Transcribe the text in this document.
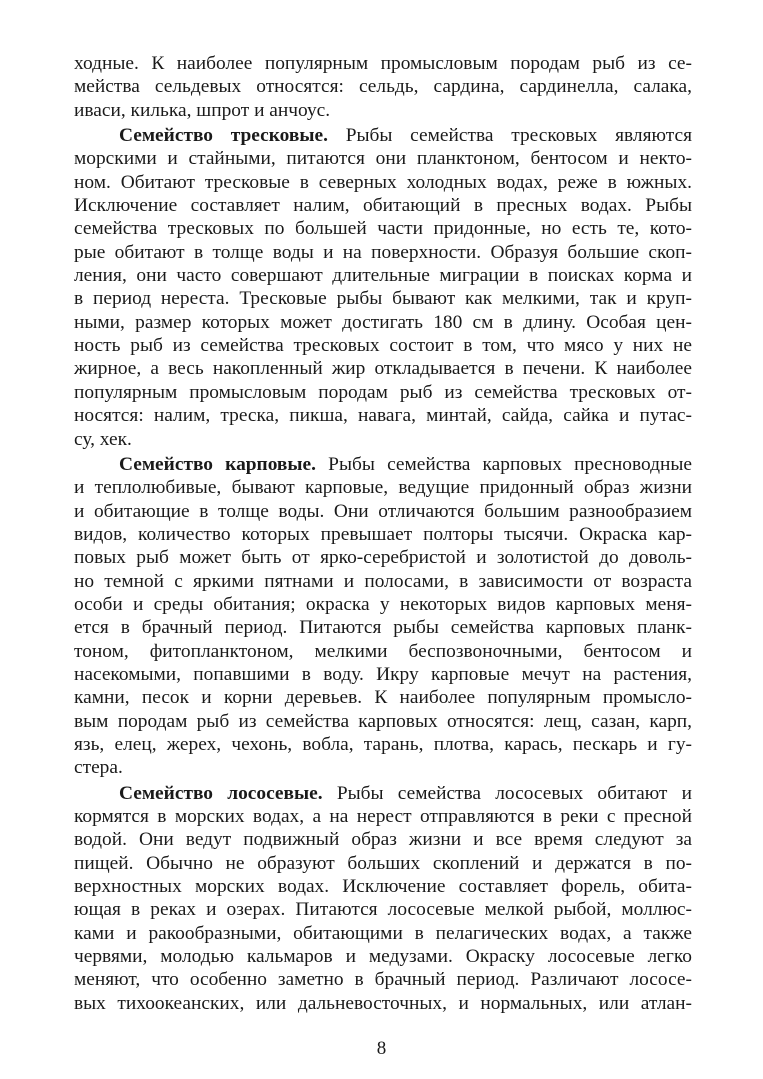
ходные. К наиболее популярным промысловым породам рыб из се-
мейства сельдевых относятся: сельдь, сардина, сардинелла, салака,
иваси, килька, шпрот и анчоус.
Семейство тресковые. Рыбы семейства тресковых являются
морскими и стайными, питаются они планктоном, бентосом и некто-
ном. Обитают тресковые в северных холодных водах, реже в южных.
Исключение составляет налим, обитающий в пресных водах. Рыбы
семейства тресковых по большей части придонные, но есть те, кото-
рые обитают в толще воды и на поверхности. Образуя большие скоп-
ления, они часто совершают длительные миграции в поисках корма и
в период нереста. Тресковые рыбы бывают как мелкими, так и круп-
ными, размер которых может достигать 180 см в длину. Особая цен-
ность рыб из семейства тресковых состоит в том, что мясо у них не
жирное, а весь накопленный жир откладывается в печени. К наиболее
популярным промысловым породам рыб из семейства тресковых от-
носятся: налим, треска, пикша, навага, минтай, сайда, сайка и путас-
су, хек.
Семейство карповые. Рыбы семейства карповых пресноводные
и теплолюбивые, бывают карповые, ведущие придонный образ жизни
и обитающие в толще воды. Они отличаются большим разнообразием
видов, количество которых превышает полторы тысячи. Окраска кар-
повых рыб может быть от ярко-серебристой и золотистой до доволь-
но темной с яркими пятнами и полосами, в зависимости от возраста
особи и среды обитания; окраска у некоторых видов карповых меня-
ется в брачный период. Питаются рыбы семейства карповых планк-
тоном, фитопланктоном, мелкими беспозвоночными, бентосом и
насекомыми, попавшими в воду. Икру карповые мечут на растения,
камни, песок и корни деревьев. К наиболее популярным промысло-
вым породам рыб из семейства карповых относятся: лещ, сазан, карп,
язь, елец, жерех, чехонь, вобла, тарань, плотва, карась, пескарь и гу-
стера.
Семейство лососевые. Рыбы семейства лососевых обитают и
кормятся в морских водах, а на нерест отправляются в реки с пресной
водой. Они ведут подвижный образ жизни и все время следуют за
пищей. Обычно не образуют больших скоплений и держатся в по-
верхностных морских водах. Исключение составляет форель, обита-
ющая в реках и озерах. Питаются лососевые мелкой рыбой, моллюс-
ками и ракообразными, обитающими в пелагических водах, а также
червями, молодью кальмаров и медузами. Окраску лососевые легко
меняют, что особенно заметно в брачный период. Различают лососе-
вых тихоокеанских, или дальневосточных, и нормальных, или атлан-
8
